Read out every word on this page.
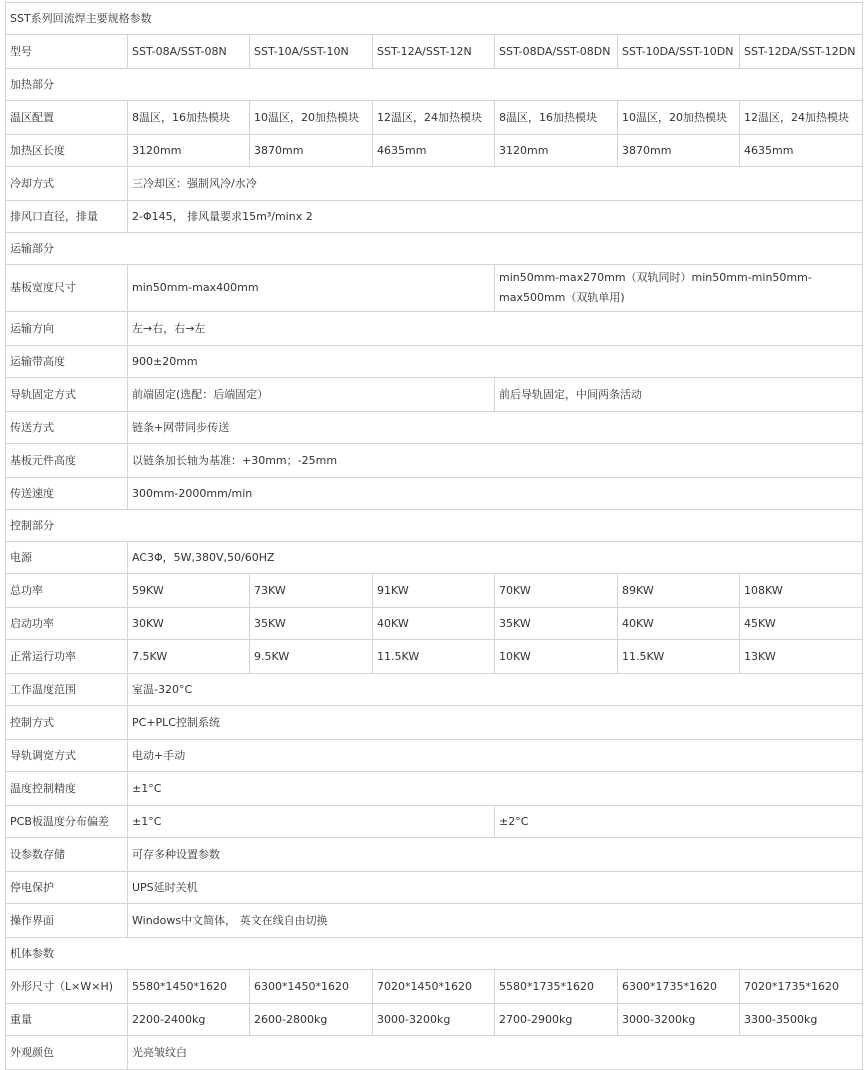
SST系列回流焊主要规格参数						
型号	SST-08A/SST-08N	SST-10A/SST-10N	SST-12A/SST-12N	SST-08DA/SST-08DN	SST-10DA/SST-10DN	SST-12DA/SST-12DN
加热部分						
温区配置	8温区，16加热模块	10温区，20加热模块	12温区，24加热模块	8温区，16加热模块	10温区，20加热模块	12温区，24加热模块
加热区长度	3120mm	3870mm	4635mm	3120mm	3870mm	4635mm
冷却方式	三冷却区：强制风冷/水冷					
排风口直径，排量	2-Φ145， 排风量要求15m³/minx 2					
运输部分						
基板宽度尺寸	min50mm-max400mm			min50mm-max270mm（双轨同时）min50mm-min50mm-max500mm（双轨单用)		
运输方向	左→右，右→左					
运输带高度	900±20mm					
导轨固定方式	前端固定(选配：后端固定）			前后导轨固定，中间两条活动		
传送方式	链条+网带同步传送					
基板元件高度	以链条加长轴为基准：+30mm；-25mm					
传送速度	300mm-2000mm/min					
控制部分						
电源	AC3Φ，5W,380V,50/60HZ					
总功率	59KW	73KW	91KW	70KW	89KW	108KW
启动功率	30KW	35KW	40KW	35KW	40KW	45KW
正常运行功率	7.5KW	9.5KW	11.5KW	10KW	11.5KW	13KW
工作温度范围	室温-320°C					
控制方式	PC+PLC控制系统					
导轨调宽方式	电动+手动					
温度控制精度	±1°C					
PCB板温度分布偏差	±1°C			±2°C		
设参数存储	可存多种设置参数					
停电保护	UPS延时关机					
操作界面	Windows中文简体， 英文在线自由切换					
机体参数						
外形尺寸（L×W×H)	5580*1450*1620	6300*1450*1620	7020*1450*1620	5580*1735*1620	6300*1735*1620	7020*1735*1620
重量	2200-2400kg	2600-2800kg	3000-3200kg	2700-2900kg	3000-3200kg	3300-3500kg
外观颜色	光亮皱纹白					
